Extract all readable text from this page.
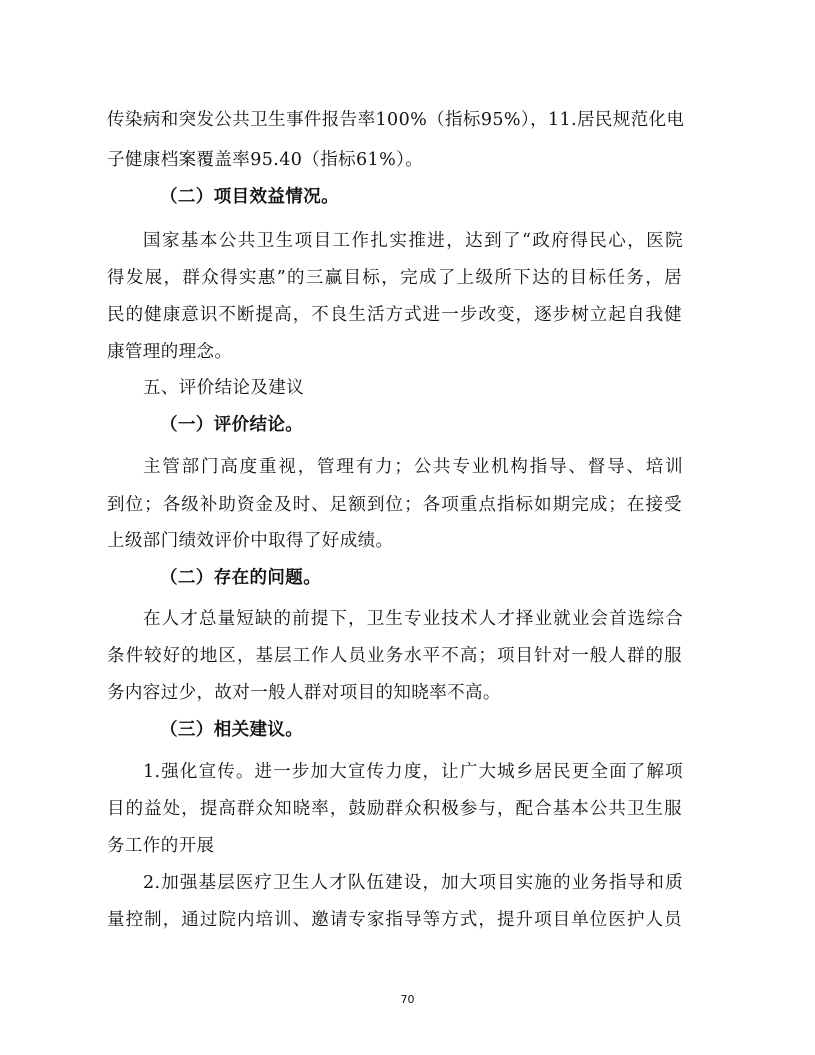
传染病和突发公共卫生事件报告率100%（指标95%），11.居民规范化电
子健康档案覆盖率95.40（指标61%）。
（二）项目效益情况。
国家基本公共卫生项目工作扎实推进，达到了“政府得民心，医院
得发展，群众得实惠”的三赢目标，完成了上级所下达的目标任务，居
民的健康意识不断提高，不良生活方式进一步改变，逐步树立起自我健
康管理的理念。
五、评价结论及建议
（一）评价结论。
主管部门高度重视，管理有力；公共专业机构指导、督导、培训
到位；各级补助资金及时、足额到位；各项重点指标如期完成；在接受
上级部门绩效评价中取得了好成绩。
（二）存在的问题。
在人才总量短缺的前提下，卫生专业技术人才择业就业会首选综合
条件较好的地区，基层工作人员业务水平不高；项目针对一般人群的服
务内容过少，故对一般人群对项目的知晓率不高。
（三）相关建议。
1.强化宣传。进一步加大宣传力度，让广大城乡居民更全面了解项
目的益处，提高群众知晓率，鼓励群众积极参与，配合基本公共卫生服
务工作的开展
2.加强基层医疗卫生人才队伍建设，加大项目实施的业务指导和质
量控制，通过院内培训、邀请专家指导等方式，提升项目单位医护人员
70
